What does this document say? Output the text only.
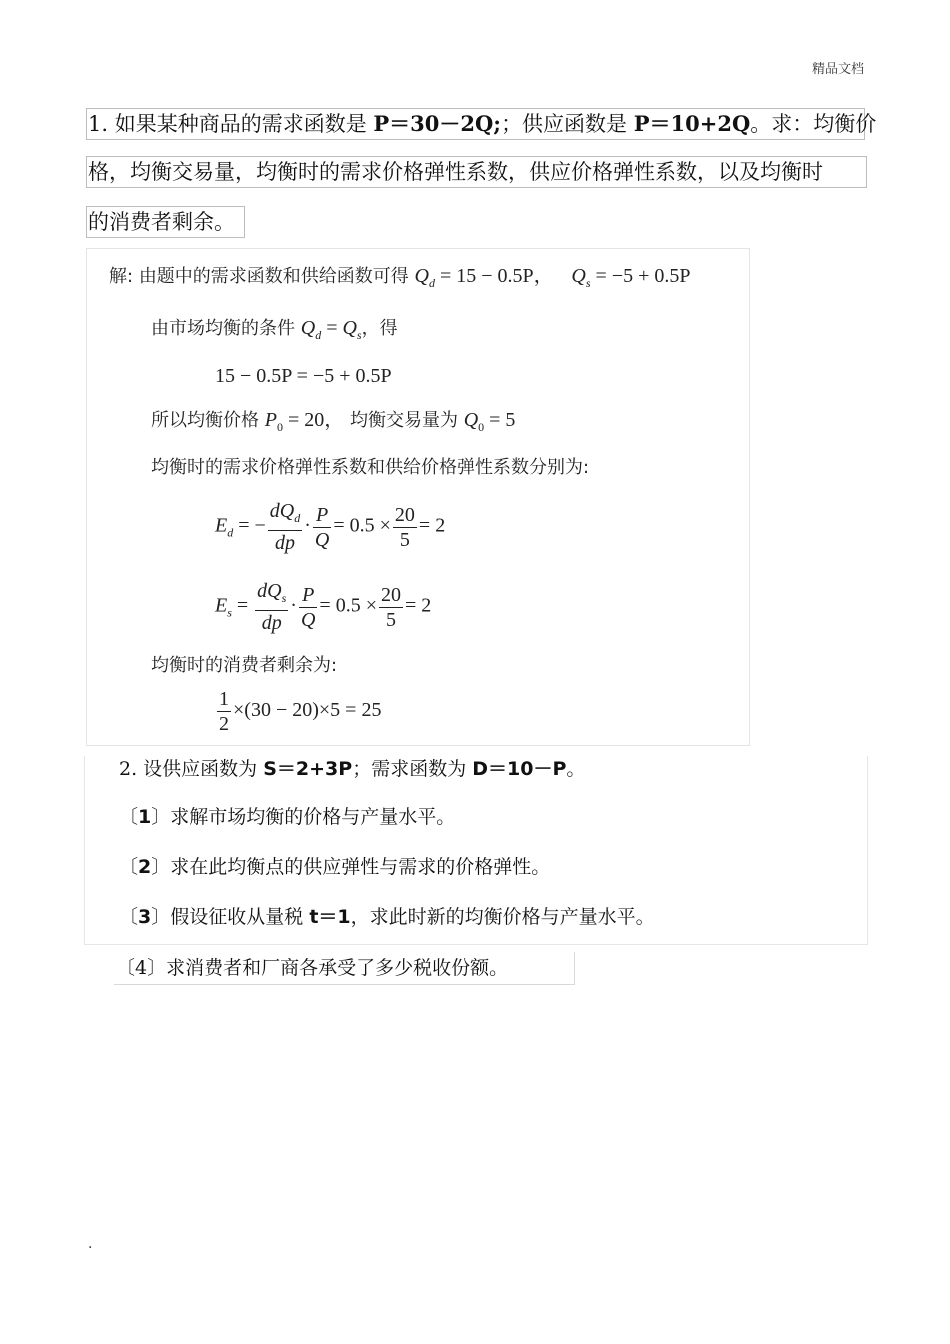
精品文档
1. 如果某种商品的需求函数是 P＝30－2Q;；供应函数是 P＝10+2Q。求：均衡价
格，均衡交易量，均衡时的需求价格弹性系数，供应价格弹性系数，以及均衡时
的消费者剩余。
解: 由题中的需求函数和供给函数可得 $Q_d = 15 - 0.5P$， $Q_s = -5 + 0.5P$
由市场均衡的条件 $Q_d = Q_s$，得
15 − 0.5P = −5 + 0.5P
所以均衡价格 $P_0 = 20$， 均衡交易量为 $Q_0 = 5$
均衡时的需求价格弹性系数和供给价格弹性系数分别为:
$E_d$ = − $\frac{dQ_d}{dp} \cdot \frac{P}{Q} = 0.5 \times \frac{20}{5} = 2$
$E_s = \frac{dQ_s}{dp} \cdot \frac{P}{Q} = 0.5 \times \frac{20}{5} = 2$
均衡时的消费者剩余为:
$\frac{1}{2} \times(30 - 20)\times 5 = 25$
2. 设供应函数为 S＝2+3P；需求函数为 D＝10－P。
〔1〕求解市场均衡的价格与产量水平。
〔2〕求在此均衡点的供应弹性与需求的价格弹性。
〔3〕假设征收从量税 t＝1，求此时新的均衡价格与产量水平。
〔4〕求消费者和厂商各承受了多少税收份额。
.
